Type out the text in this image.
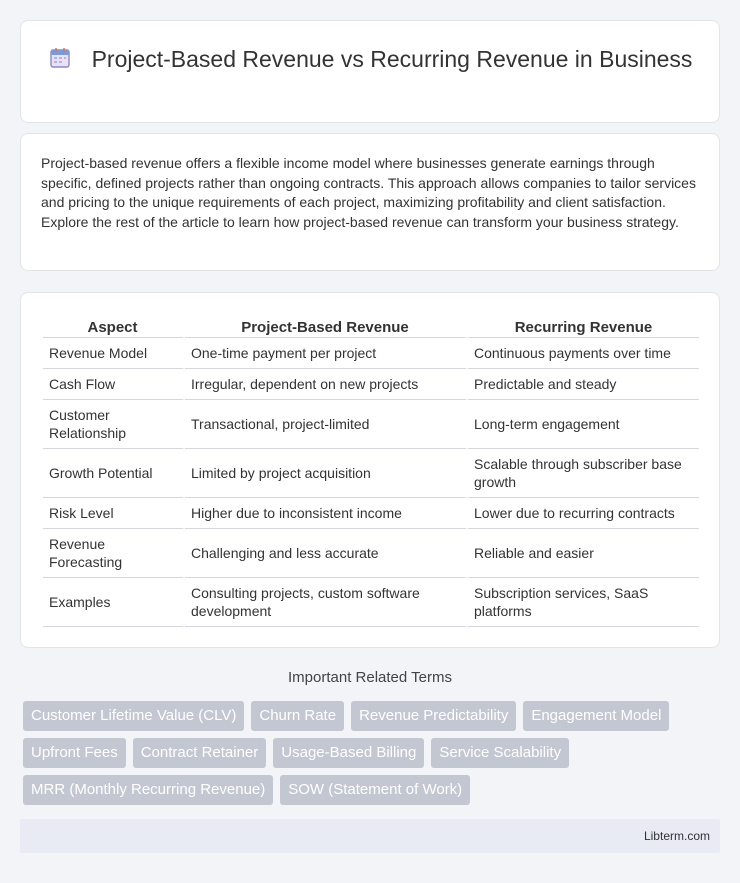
Project-Based Revenue vs Recurring Revenue in Business

Project-based revenue offers a flexible income model where businesses generate earnings through specific, defined projects rather than ongoing contracts. This approach allows companies to tailor services and pricing to the unique requirements of each project, maximizing profitability and client satisfaction. Explore the rest of the article to learn how project-based revenue can transform your business strategy.

Aspect	Project-Based Revenue	Recurring Revenue
Revenue Model	One-time payment per project	Continuous payments over time
Cash Flow	Irregular, dependent on new projects	Predictable and steady
Customer Relationship	Transactional, project-limited	Long-term engagement
Growth Potential	Limited by project acquisition	Scalable through subscriber base growth
Risk Level	Higher due to inconsistent income	Lower due to recurring contracts
Revenue Forecasting	Challenging and less accurate	Reliable and easier
Examples	Consulting projects, custom software development	Subscription services, SaaS platforms
Important Related Terms
Customer Lifetime Value (CLV)	Churn Rate	Revenue Predictability	Engagement Model
Upfront Fees	Contract Retainer	Usage-Based Billing	Service Scalability
MRR (Monthly Recurring Revenue)	SOW (Statement of Work)
Libterm.com
